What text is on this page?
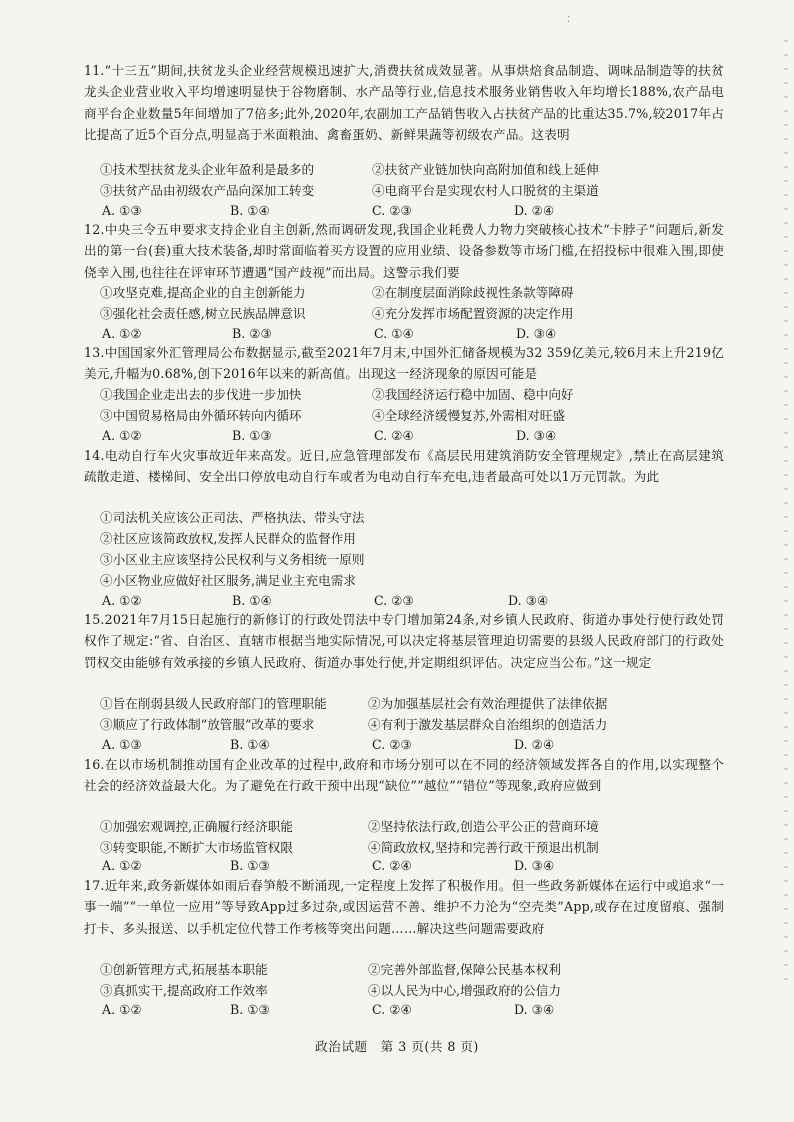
：
11.“十三五”期间,扶贫龙头企业经营规模迅速扩大,消费扶贫成效显著。从事烘焙食品制造、调味品制造等的扶贫龙头企业营业收入平均增速明显快于谷物磨制、水产品等行业,信息技术服务业销售收入年均增长188%,农产品电商平台企业数量5年间增加了7倍多;此外,2020年,农副加工产品销售收入占扶贫产品的比重达35.7%,较2017年占比提高了近5个百分点,明显高于米面粮油、禽畜蛋奶、新鲜果蔬等初级农产品。这表明
①技术型扶贫龙头企业年盈利是最多的	②扶贫产业链加快向高附加值和线上延伸
③扶贫产品由初级农产品向深加工转变	④电商平台是实现农村人口脱贫的主渠道
A. ①③	B. ①④	C. ②③	D. ②④
12.中央三令五申要求支持企业自主创新,然而调研发现,我国企业耗费人力物力突破核心技术“卡脖子”问题后,新发出的第一台(套)重大技术装备,却时常面临着买方设置的应用业绩、设备参数等市场门槛,在招投标中很难入围,即使侥幸入围,也往往在评审环节遭遇“国产歧视”而出局。这警示我们要
①攻坚克难,提高企业的自主创新能力	②在制度层面消除歧视性条款等障碍
③强化社会责任感,树立民族品牌意识	④充分发挥市场配置资源的决定作用
A. ①②	B. ②③	C. ①④	D. ③④
13.中国国家外汇管理局公布数据显示,截至2021年7月末,中国外汇储备规模为32 359亿美元,较6月末上升219亿美元,升幅为0.68%,创下2016年以来的新高值。出现这一经济现象的原因可能是
①我国企业走出去的步伐进一步加快	②我国经济运行稳中加固、稳中向好
③中国贸易格局由外循环转向内循环	④全球经济缓慢复苏,外需相对旺盛
A. ①②	B. ①③	C. ②④	D. ③④
14.电动自行车火灾事故近年来高发。近日,应急管理部发布《高层民用建筑消防安全管理规定》,禁止在高层建筑疏散走道、楼梯间、安全出口停放电动自行车或者为电动自行车充电,违者最高可处以1万元罚款。为此
①司法机关应该公正司法、严格执法、带头守法
②社区应该简政放权,发挥人民群众的监督作用
③小区业主应该坚持公民权利与义务相统一原则
④小区物业应做好社区服务,满足业主充电需求
A. ①②	B. ①④	C. ②③	D. ③④
15.2021年7月15日起施行的新修订的行政处罚法中专门增加第24条,对乡镇人民政府、街道办事处行使行政处罚权作了规定:“省、自治区、直辖市根据当地实际情况,可以决定将基层管理迫切需要的县级人民政府部门的行政处罚权交由能够有效承接的乡镇人民政府、街道办事处行使,并定期组织评估。决定应当公布。”这一规定
①旨在削弱县级人民政府部门的管理职能	②为加强基层社会有效治理提供了法律依据
③顺应了行政体制“放管服”改革的要求	④有利于激发基层群众自治组织的创造活力
A. ①③	B. ①④	C. ②③	D. ②④
16.在以市场机制推动国有企业改革的过程中,政府和市场分别可以在不同的经济领域发挥各自的作用,以实现整个社会的经济效益最大化。为了避免在行政干预中出现“缺位”“越位”“错位”等现象,政府应做到
①加强宏观调控,正确履行经济职能	②坚持依法行政,创造公平公正的营商环境
③转变职能,不断扩大市场监管权限	④简政放权,坚持和完善行政干预退出机制
A. ①②	B. ①③	C. ②④	D. ③④
17.近年来,政务新媒体如雨后春笋般不断涌现,一定程度上发挥了积极作用。但一些政务新媒体在运行中或追求“一事一端”“一单位一应用”等导致App过多过杂,或因运营不善、维护不力沦为“空壳类”App,或存在过度留痕、强制打卡、多头报送、以手机定位代替工作考核等突出问题……解决这些问题需要政府
①创新管理方式,拓展基本职能	②完善外部监督,保障公民基本权利
③真抓实干,提高政府工作效率	④以人民为中心,增强政府的公信力
A. ①②	B. ①③	C. ②④	D. ③④
政治试题　第 3 页(共 8 页)
